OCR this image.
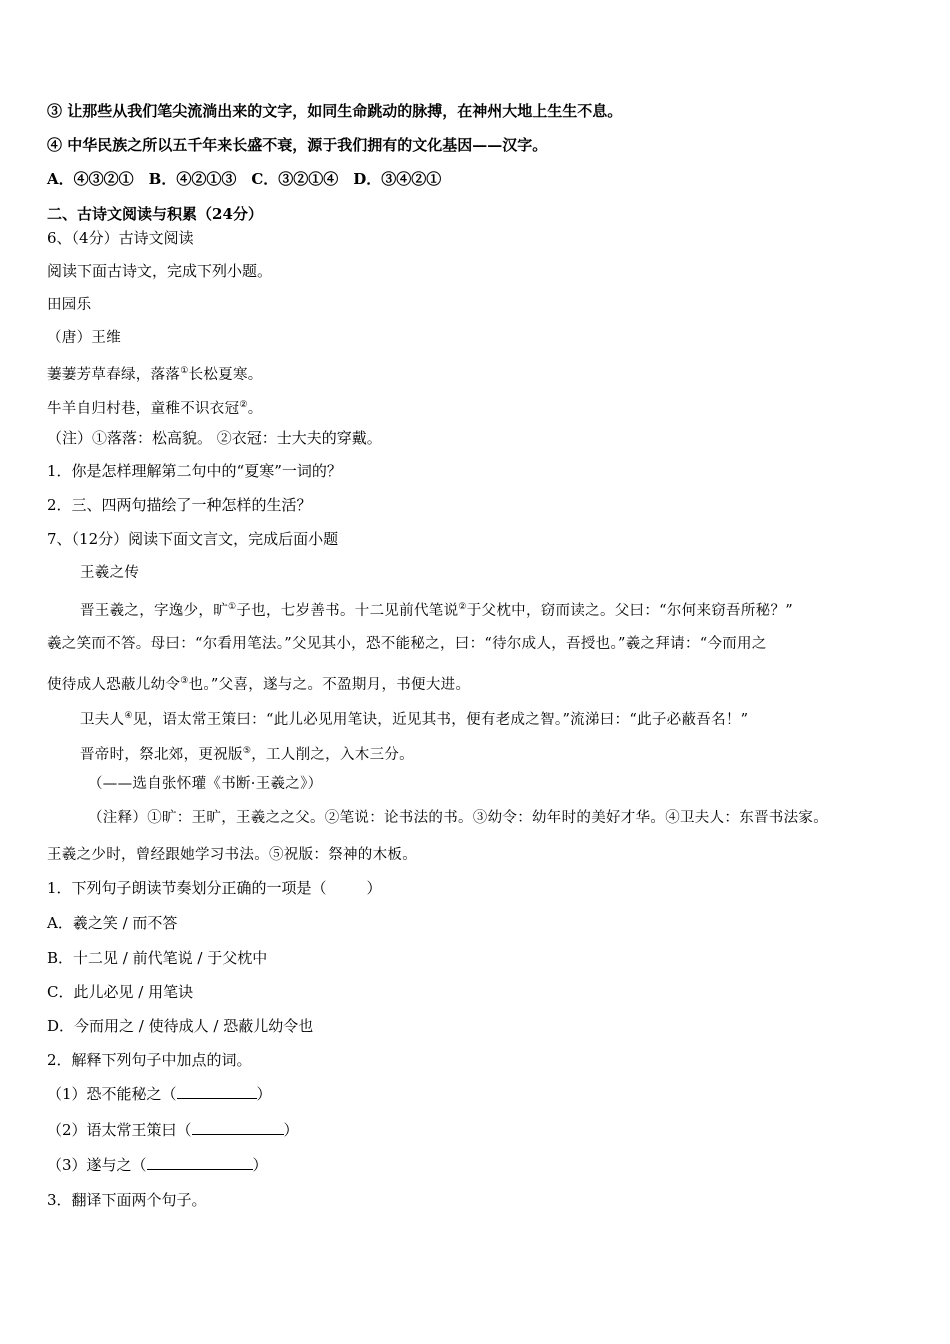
③ 让那些从我们笔尖流淌出来的文字，如同生命跳动的脉搏，在神州大地上生生不息。
④ 中华民族之所以五千年来长盛不衰，源于我们拥有的文化基因——汉字。
A．④③②①　B．④②①③　C．③②①④　D．③④②①
二、古诗文阅读与积累（24分）
6、（4分）古诗文阅读
阅读下面古诗文，完成下列小题。
田园乐
（唐）王维
萋萋芳草春绿，落落①长松夏寒。
牛羊自归村巷，童稚不识衣冠②。
（注）①落落：松高貌。 ②衣冠：士大夫的穿戴。
1．你是怎样理解第二句中的“夏寒”一词的？
2．三、四两句描绘了一种怎样的生活？
7、（12分）阅读下面文言文，完成后面小题
王羲之传
晋王羲之，字逸少，旷①子也，七岁善书。十二见前代笔说②于父枕中，窃而读之。父曰：“尔何来窃吾所秘？”
羲之笑而不答。母曰：“尔看用笔法。”父见其小，恐不能秘之，曰：“待尔成人，吾授也。”羲之拜请：“今而用之
使待成人恐蔽儿幼令③也。”父喜，遂与之。不盈期月，书便大进。
卫夫人④见，语太常王策曰：“此儿必见用笔诀，近见其书，便有老成之智。”流涕曰：“此子必蔽吾名！”
晋帝时，祭北郊，更祝版⑤，工人削之，入木三分。
（——选自张怀瓘《书断·王羲之》）
（注释）①旷：王旷，王羲之之父。②笔说：论书法的书。③幼令：幼年时的美好才华。④卫夫人：东晋书法家。
王羲之少时，曾经跟她学习书法。⑤祝版：祭神的木板。
1．下列句子朗读节奏划分正确的一项是（	）
A．羲之笑 / 而不答
B．十二见 / 前代笔说 / 于父枕中
C．此儿必见 / 用笔诀
D．今而用之 / 使待成人 / 恐蔽儿幼令也
2．解释下列句子中加点的词。
（1）恐不能秘之（	）
（2）语太常王策曰（	）
（3）遂与之（	）
3．翻译下面两个句子。
